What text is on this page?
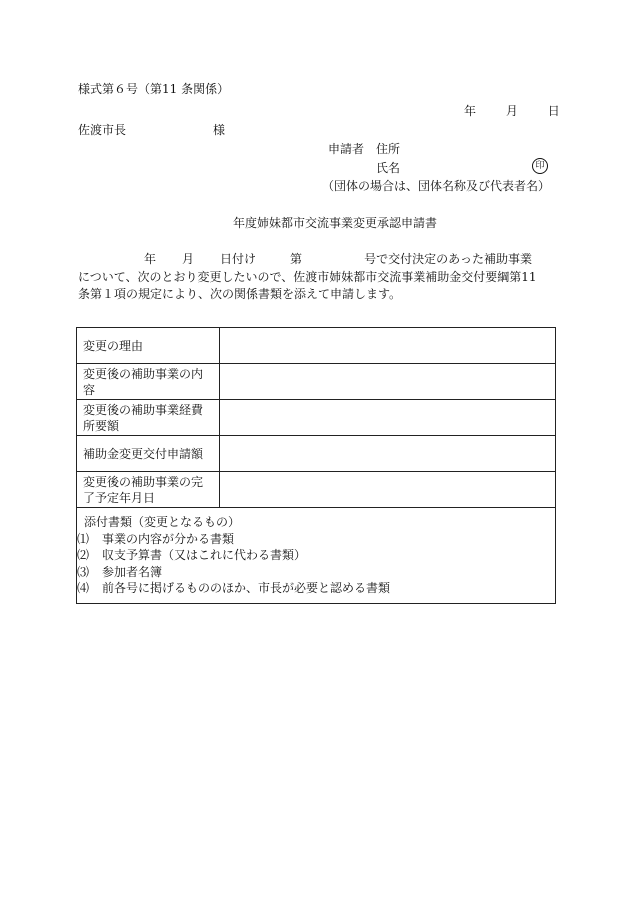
様式第６号（第11 条関係）
年 月 日
佐渡市長	様
申請者 住所
氏名	印
（団体の場合は、団体名称及び代表者名）
年度姉妹都市交流事業変更承認申請書
年 月 日付け	第	号で交付決定のあった補助事業
について、次のとおり変更したいので、佐渡市姉妹都市交流事業補助金交付要綱第11
条第１項の規定により、次の関係書類を添えて申請します。
変更の理由	
変更後の補助事業の内容	
変更後の補助事業経費所要額	
補助金変更交付申請額	
変更後の補助事業の完了予定年月日	

添付書類（変更となるもの）
⑴ 事業の内容が分かる書類
⑵ 収支予算書（又はこれに代わる書類）
⑶ 参加者名簿
⑷ 前各号に掲げるもののほか、市長が必要と認める書類	
